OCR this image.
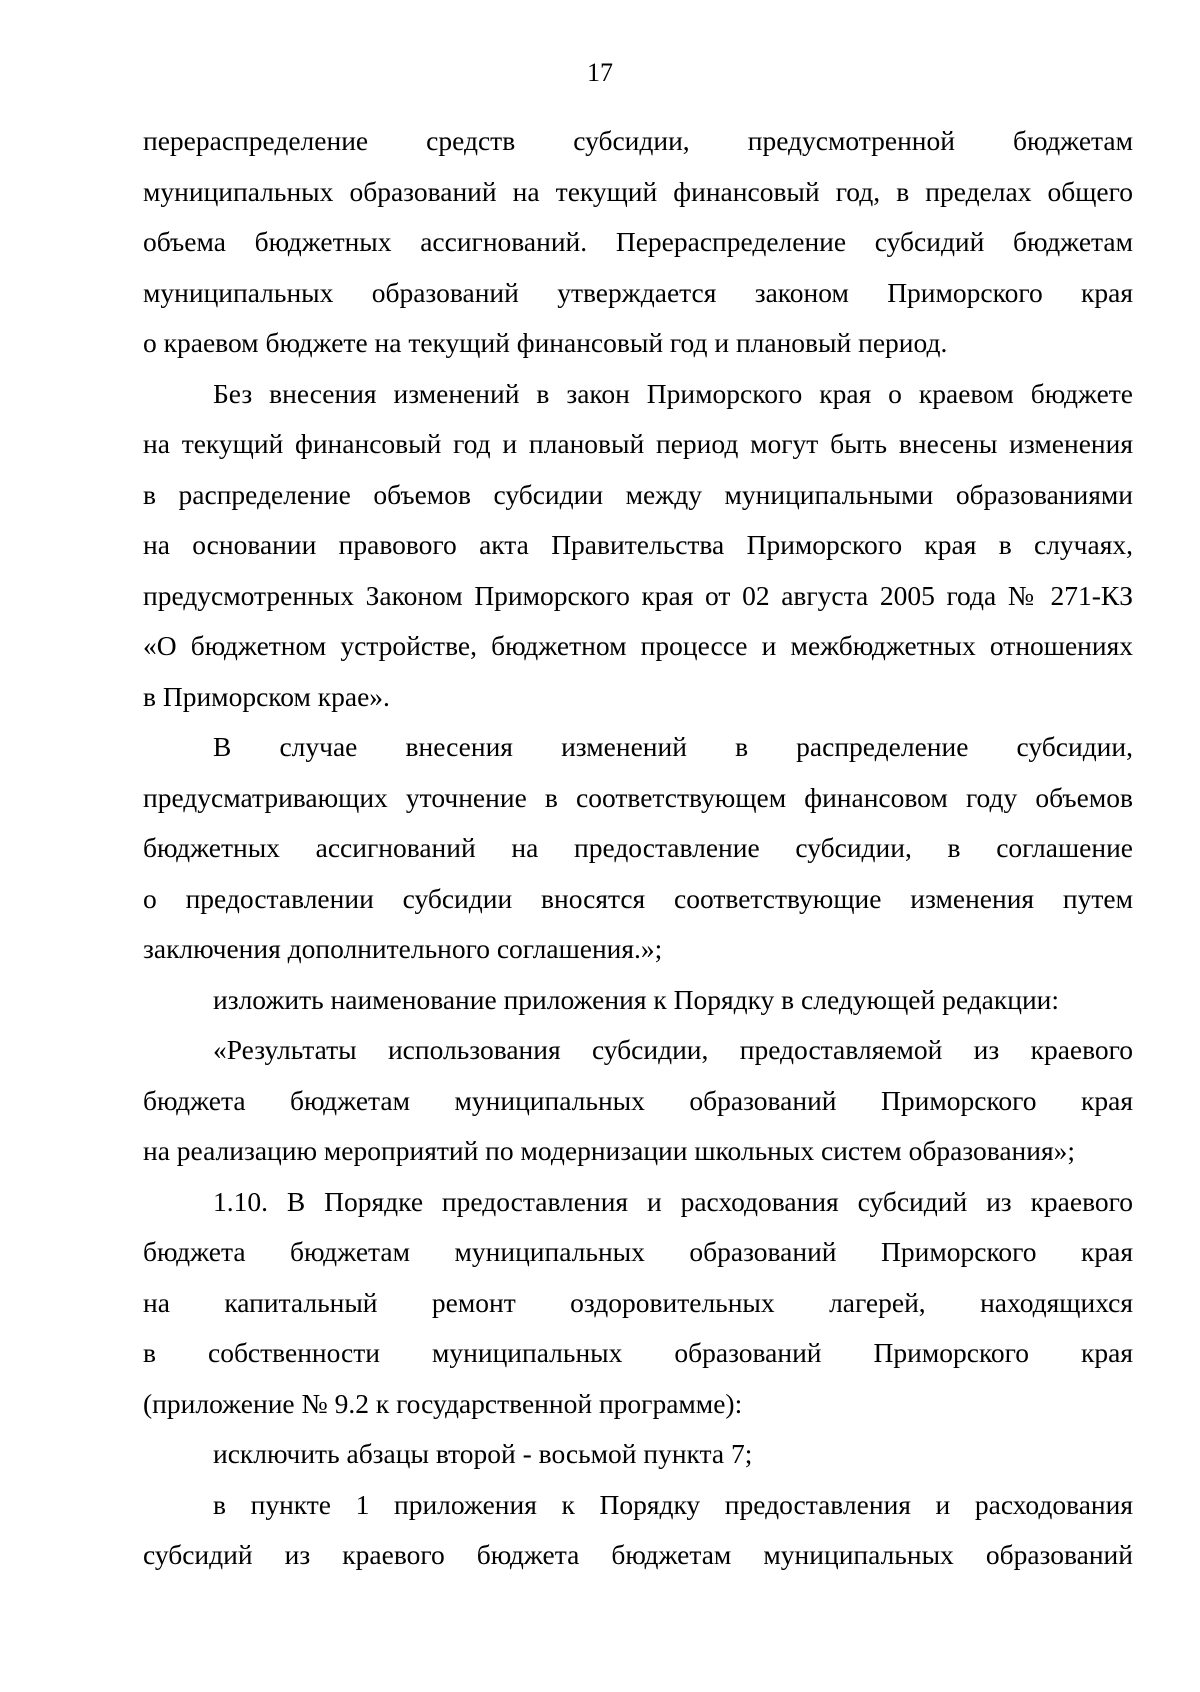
17
перераспределение средств субсидии, предусмотренной бюджетам
муниципальных образований на текущий финансовый год, в пределах общего
объема бюджетных ассигнований. Перераспределение субсидий бюджетам
муниципальных образований утверждается законом Приморского края
о краевом бюджете на текущий финансовый год и плановый период.
Без внесения изменений в закон Приморского края о краевом бюджете
на текущий финансовый год и плановый период могут быть внесены изменения
в распределение объемов субсидии между муниципальными образованиями
на основании правового акта Правительства Приморского края в случаях,
предусмотренных Законом Приморского края от 02 августа 2005 года № 271-КЗ
«О бюджетном устройстве, бюджетном процессе и межбюджетных отношениях
в Приморском крае».
В случае внесения изменений в распределение субсидии,
предусматривающих уточнение в соответствующем финансовом году объемов
бюджетных ассигнований на предоставление субсидии, в соглашение
о предоставлении субсидии вносятся соответствующие изменения путем
заключения дополнительного соглашения.»;
изложить наименование приложения к Порядку в следующей редакции:
«Результаты использования субсидии, предоставляемой из краевого
бюджета бюджетам муниципальных образований Приморского края
на реализацию мероприятий по модернизации школьных систем образования»;
1.10. В Порядке предоставления и расходования субсидий из краевого
бюджета бюджетам муниципальных образований Приморского края
на капитальный ремонт оздоровительных лагерей, находящихся
в собственности муниципальных образований Приморского края
(приложение № 9.2 к государственной программе):
исключить абзацы второй - восьмой пункта 7;
в пункте 1 приложения к Порядку предоставления и расходования
субсидий из краевого бюджета бюджетам муниципальных образований
